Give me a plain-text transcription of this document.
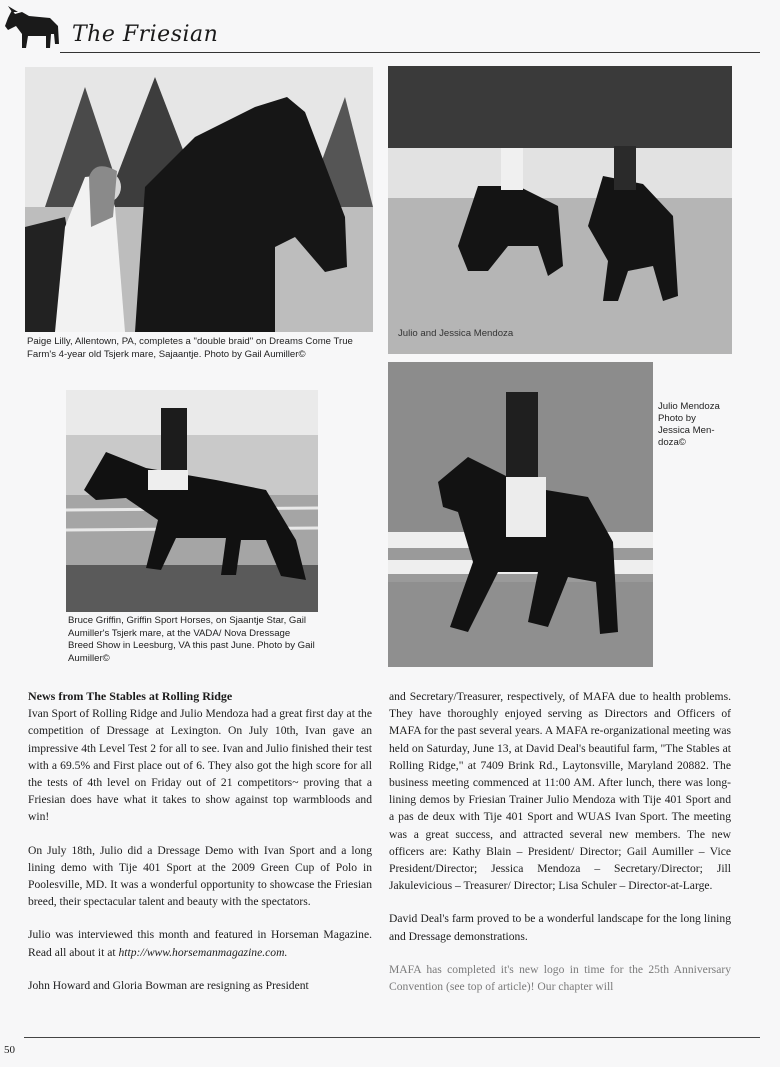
The Friesian
Paige Lilly, Allentown, PA, completes a "double braid" on Dreams Come True Farm's 4-year old Tsjerk mare, Sajaantje. Photo by Gail Aumiller©
Julio and Jessica Mendoza
Bruce Griffin, Griffin Sport Horses, on Sjaantje Star, Gail Aumiller's Tsjerk mare, at the VADA/ Nova Dressage Breed Show in Leesburg, VA this past June. Photo by Gail Aumiller©
Julio Mendoza Photo by Jessica Men- doza©
News from The Stables at Rolling Ridge

Ivan Sport of Rolling Ridge and Julio Mendoza had a great first day at the competition of Dressage at Lexington. On July 10th, Ivan gave an impressive 4th Level Test 2 for all to see. Ivan and Julio finished their test with a 69.5% and First place out of 6. They also got the high score for all the tests of 4th level on Friday out of 21 competitors~ proving that a Friesian does have what it takes to show against top warmbloods and win!

On July 18th, Julio did a Dressage Demo with Ivan Sport and a long lining demo with Tije 401 Sport at the 2009 Green Cup of Polo in Poolesville, MD. It was a wonderful opportunity to showcase the Friesian breed, their spectacular talent and beauty with the spectators.

Julio was interviewed this month and featured in Horseman Magazine. Read all about it at http://www.horsemanmagazine.com.

John Howard and Gloria Bowman are resigning as President

and Secretary/Treasurer, respectively, of MAFA due to health problems. They have thoroughly enjoyed serving as Directors and Officers of MAFA for the past several years. A MAFA re-organizational meeting was held on Saturday, June 13, at David Deal's beautiful farm, "The Stables at Rolling Ridge," at 7409 Brink Rd., Laytonsville, Maryland 20882. The business meeting commenced at 11:00 AM. After lunch, there was long-lining demos by Friesian Trainer Julio Mendoza with Tije 401 Sport and a pas de deux with Tije 401 Sport and WUAS Ivan Sport. The meeting was a great success, and attracted several new members. The new officers are: Kathy Blain – President/ Director; Gail Aumiller – Vice President/Director; Jessica Mendoza – Secretary/Director; Jill Jakulevicious – Treasurer/ Director; Lisa Schuler – Director-at-Large.

David Deal's farm proved to be a wonderful landscape for the long lining and Dressage demonstrations.

MAFA has completed it's new logo in time for the 25th Anniversary Convention (see top of article)! Our chapter will

50
